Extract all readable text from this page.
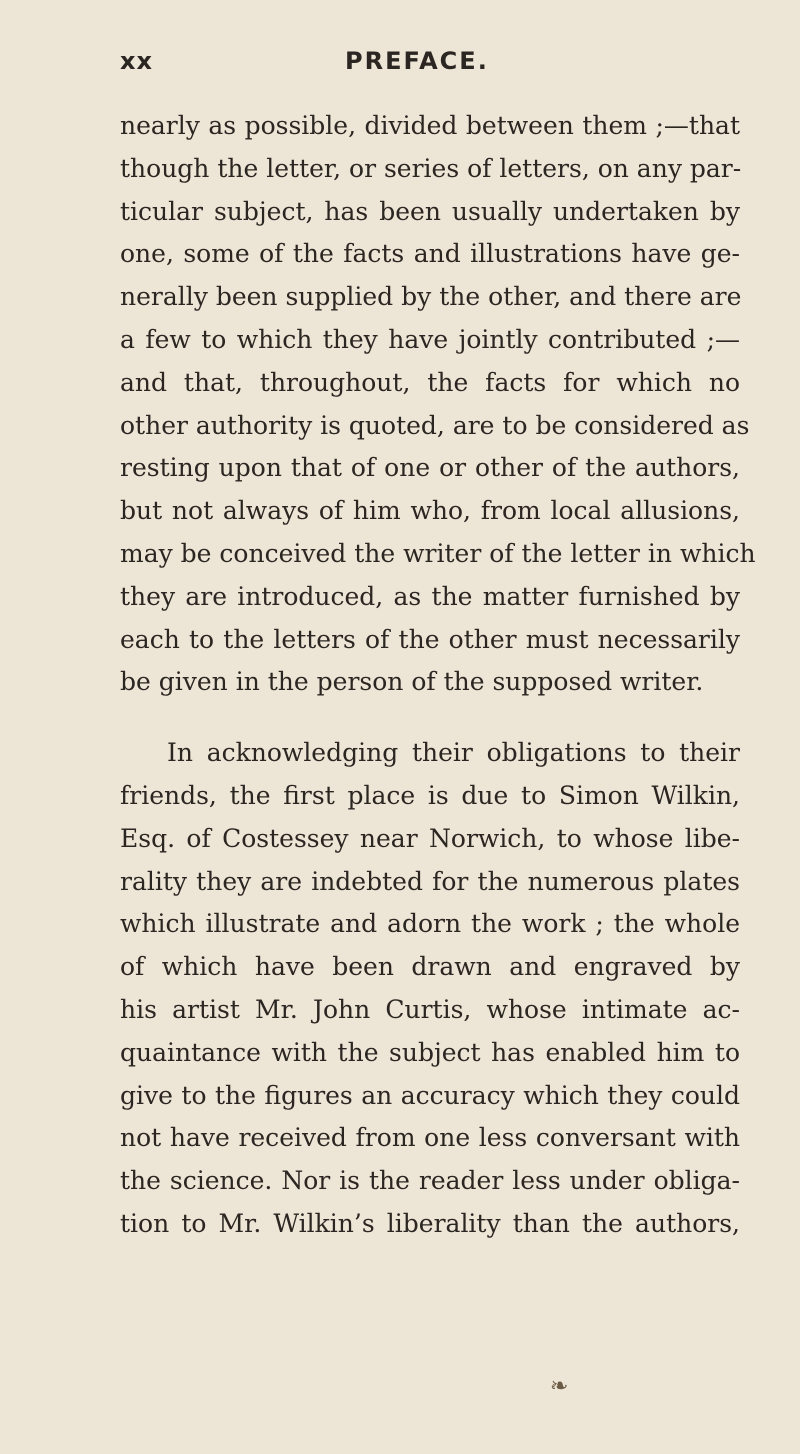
xx	PREFACE.

nearly as possible, divided between them ;—that
though the letter, or series of letters, on any par-
ticular subject, has been usually undertaken by
one, some of the facts and illustrations have ge-
nerally been supplied by the other, and there are
a few to which they have jointly contributed ;—
and that, throughout, the facts for which no
other authority is quoted, are to be considered as
resting upon that of one or other of the authors,
but not always of him who, from local allusions,
may be conceived the writer of the letter in which
they are introduced, as the matter furnished by
each to the letters of the other must necessarily
be given in the person of the supposed writer.

In acknowledging their obligations to their
friends, the first place is due to Simon Wilkin,
Esq. of Costessey near Norwich, to whose libe-
rality they are indebted for the numerous plates
which illustrate and adorn the work ; the whole
of which have been drawn and engraved by
his artist Mr. John Curtis, whose intimate ac-
quaintance with the subject has enabled him to
give to the figures an accuracy which they could
not have received from one less conversant with
the science. Nor is the reader less under obliga-
tion to Mr. Wilkin’s liberality than the authors,

❧
